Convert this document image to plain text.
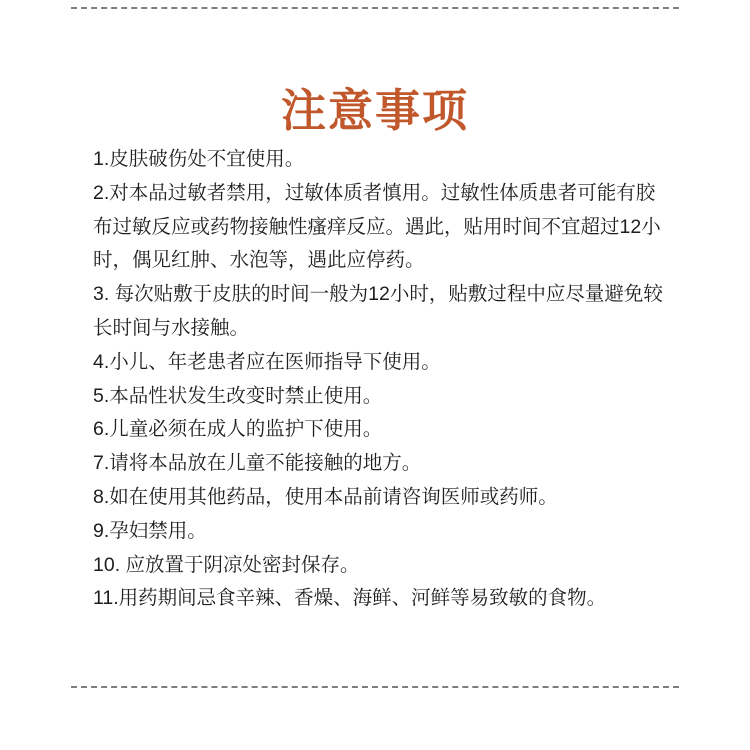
注意事项

1.皮肤破伤处不宜使用。

2.对本品过敏者禁用，过敏体质者慎用。过敏性体质患者可能有胶布过敏反应或药物接触性瘙痒反应。遇此，贴用时间不宜超过12小时，偶见红肿、水泡等，遇此应停药。

3. 每次贴敷于皮肤的时间一般为12小时，贴敷过程中应尽量避免较长时间与水接触。

4.小儿、年老患者应在医师指导下使用。

5.本品性状发生改变时禁止使用。

6.儿童必须在成人的监护下使用。

7.请将本品放在儿童不能接触的地方。

8.如在使用其他药品，使用本品前请咨询医师或药师。

9.孕妇禁用。

10. 应放置于阴凉处密封保存。

11.用药期间忌食辛辣、香燥、海鲜、河鲜等易致敏的食物。
